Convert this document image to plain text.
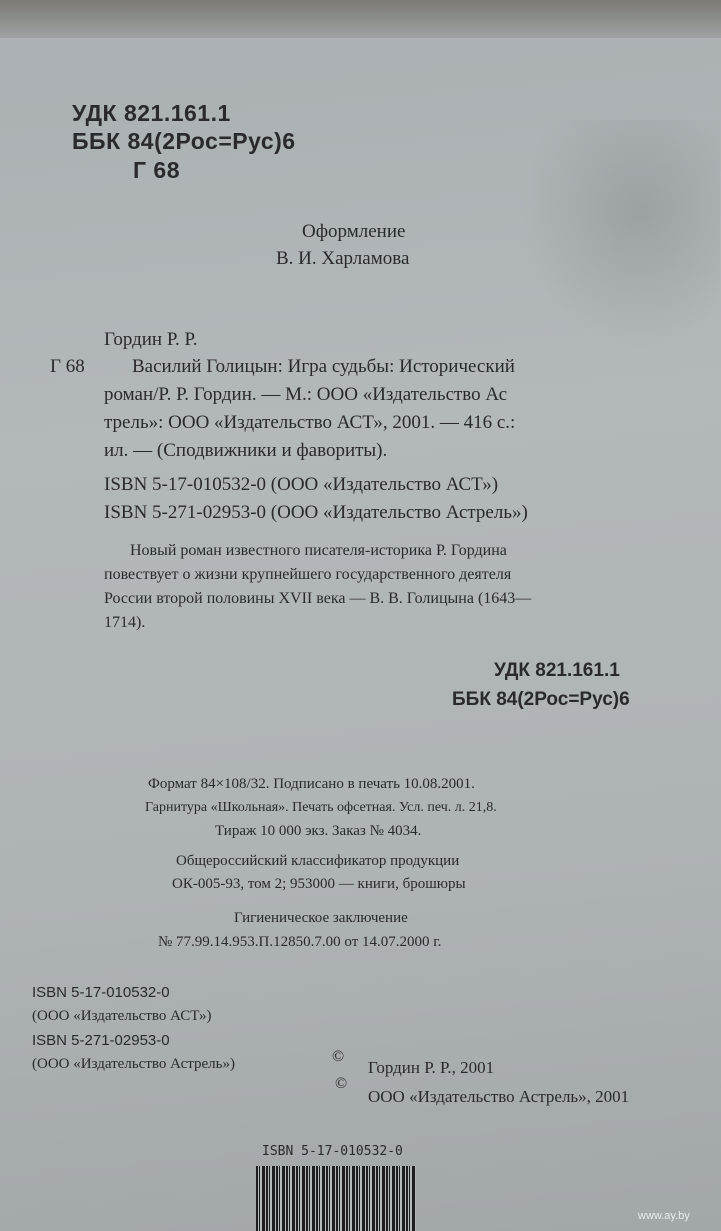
УДК 821.161.1
ББК 84(2Рос=Рус)6
Г 68
Оформление
В. И. Харламова
Гордин Р. Р.
Г 68 Василий Голицын: Игра судьбы: Исторический
роман/Р. Р. Гордин. — М.: ООО «Издательство Ас
трель»: ООО «Издательство АСТ», 2001. — 416 с.:
ил. — (Сподвижники и фавориты).
ISBN 5-17-010532-0 (ООО «Издательство АСТ»)
ISBN 5-271-02953-0 (ООО «Издательство Астрель»)
Новый роман известного писателя-историка Р. Гордина
повествует о жизни крупнейшего государственного деятеля
России второй половины XVII века — В. В. Голицына (1643—
1714).
УДК 821.161.1
ББК 84(2Рос=Рус)6
Формат 84×108/32. Подписано в печать 10.08.2001.
Гарнитура «Школьная». Печать офсетная. Усл. печ. л. 21,8.
Тираж 10 000 экз. Заказ № 4034.
Общероссийский классификатор продукции
ОК-005-93, том 2; 953000 — книги, брошюры
Гигиеническое заключение
№ 77.99.14.953.П.12850.7.00 от 14.07.2000 г.
ISBN 5-17-010532-0
(ООО «Издательство АСТ»)
ISBN 5-271-02953-0
(ООО «Издательство Астрель»)	©
Гордин Р. Р., 2001
©
ООО «Издательство Астрель», 2001
ISBN 5-17-010532-0
www.ay.by
